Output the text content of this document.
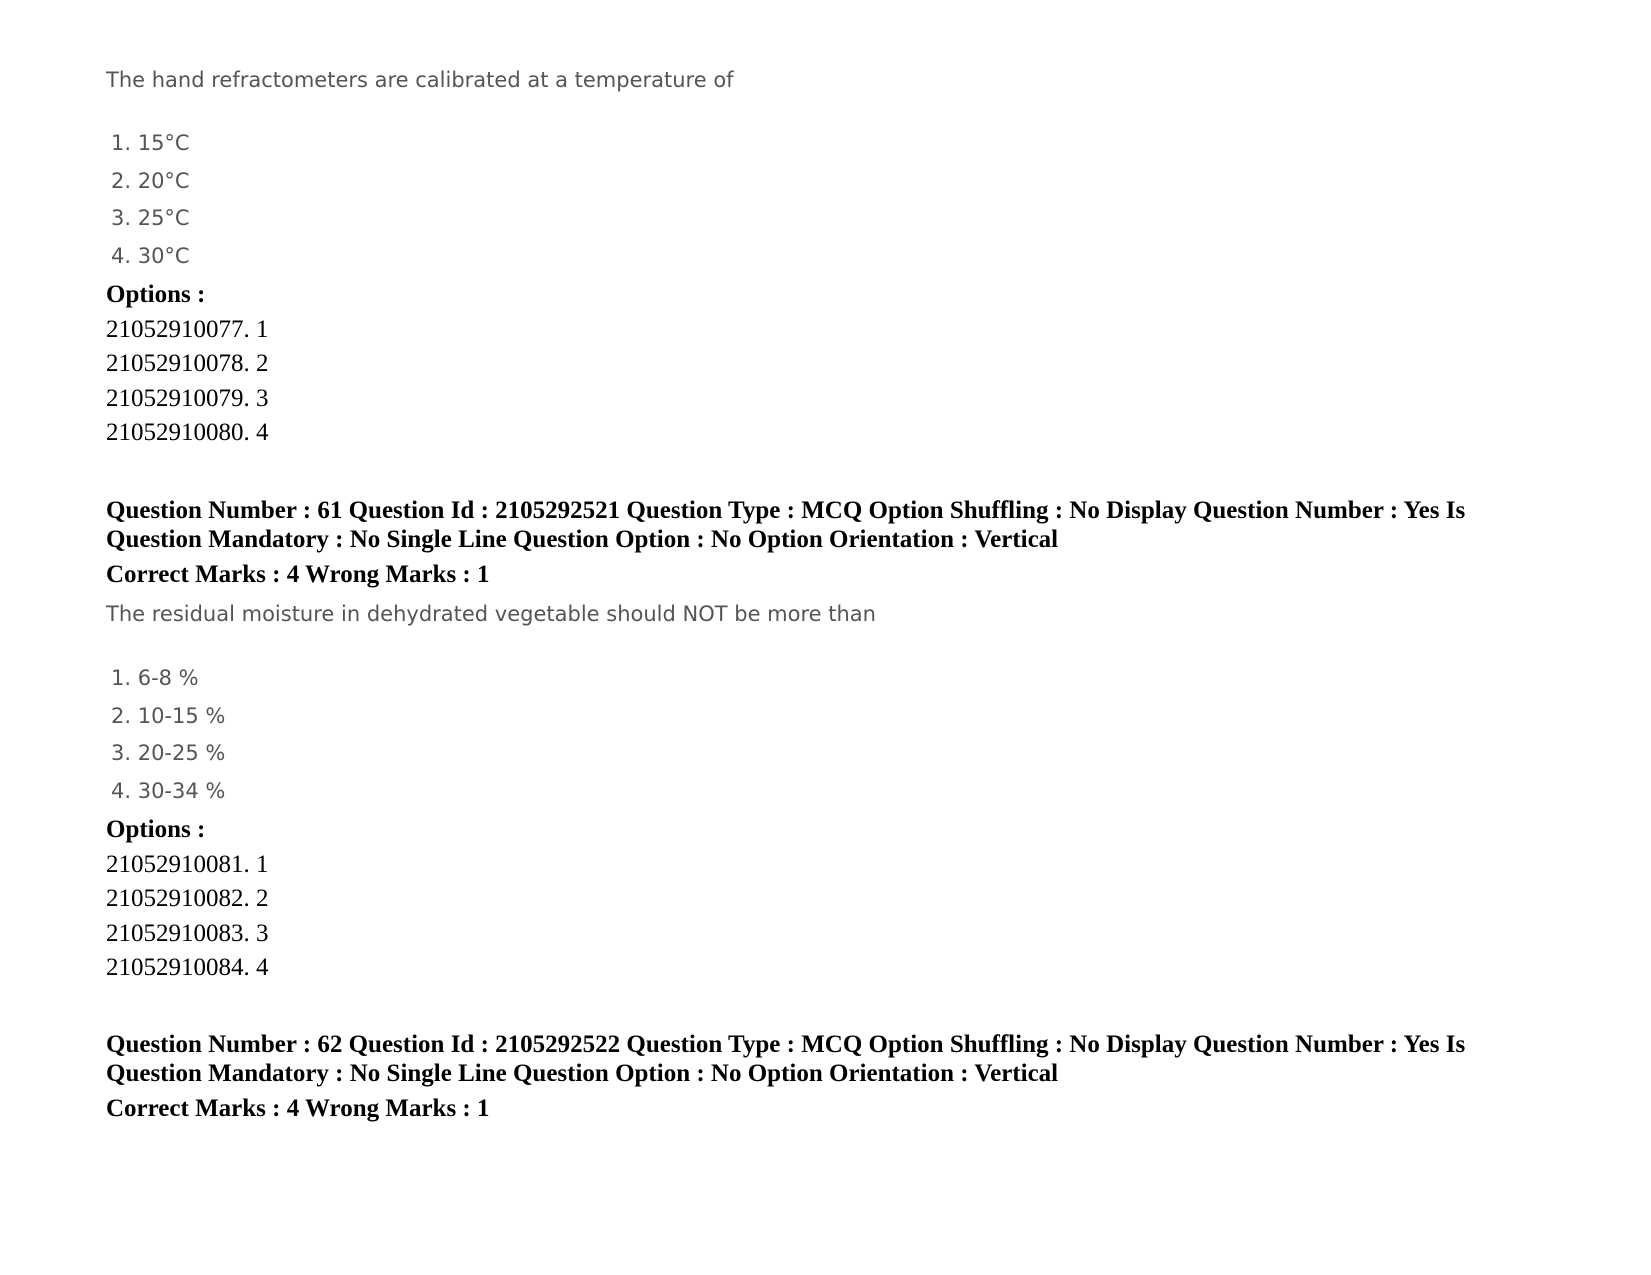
The hand refractometers are calibrated at a temperature of
1. 15°C
2. 20°C
3. 25°C
4. 30°C
Options :
21052910077. 1
21052910078. 2
21052910079. 3
21052910080. 4
Question Number : 61 Question Id : 2105292521 Question Type : MCQ Option Shuffling : No Display Question Number : Yes Is Question Mandatory : No Single Line Question Option : No Option Orientation : Vertical
Correct Marks : 4 Wrong Marks : 1
The residual moisture in dehydrated vegetable should NOT be more than
1. 6-8 %
2. 10-15 %
3. 20-25 %
4. 30-34 %
Options :
21052910081. 1
21052910082. 2
21052910083. 3
21052910084. 4
Question Number : 62 Question Id : 2105292522 Question Type : MCQ Option Shuffling : No Display Question Number : Yes Is Question Mandatory : No Single Line Question Option : No Option Orientation : Vertical
Correct Marks : 4 Wrong Marks : 1
